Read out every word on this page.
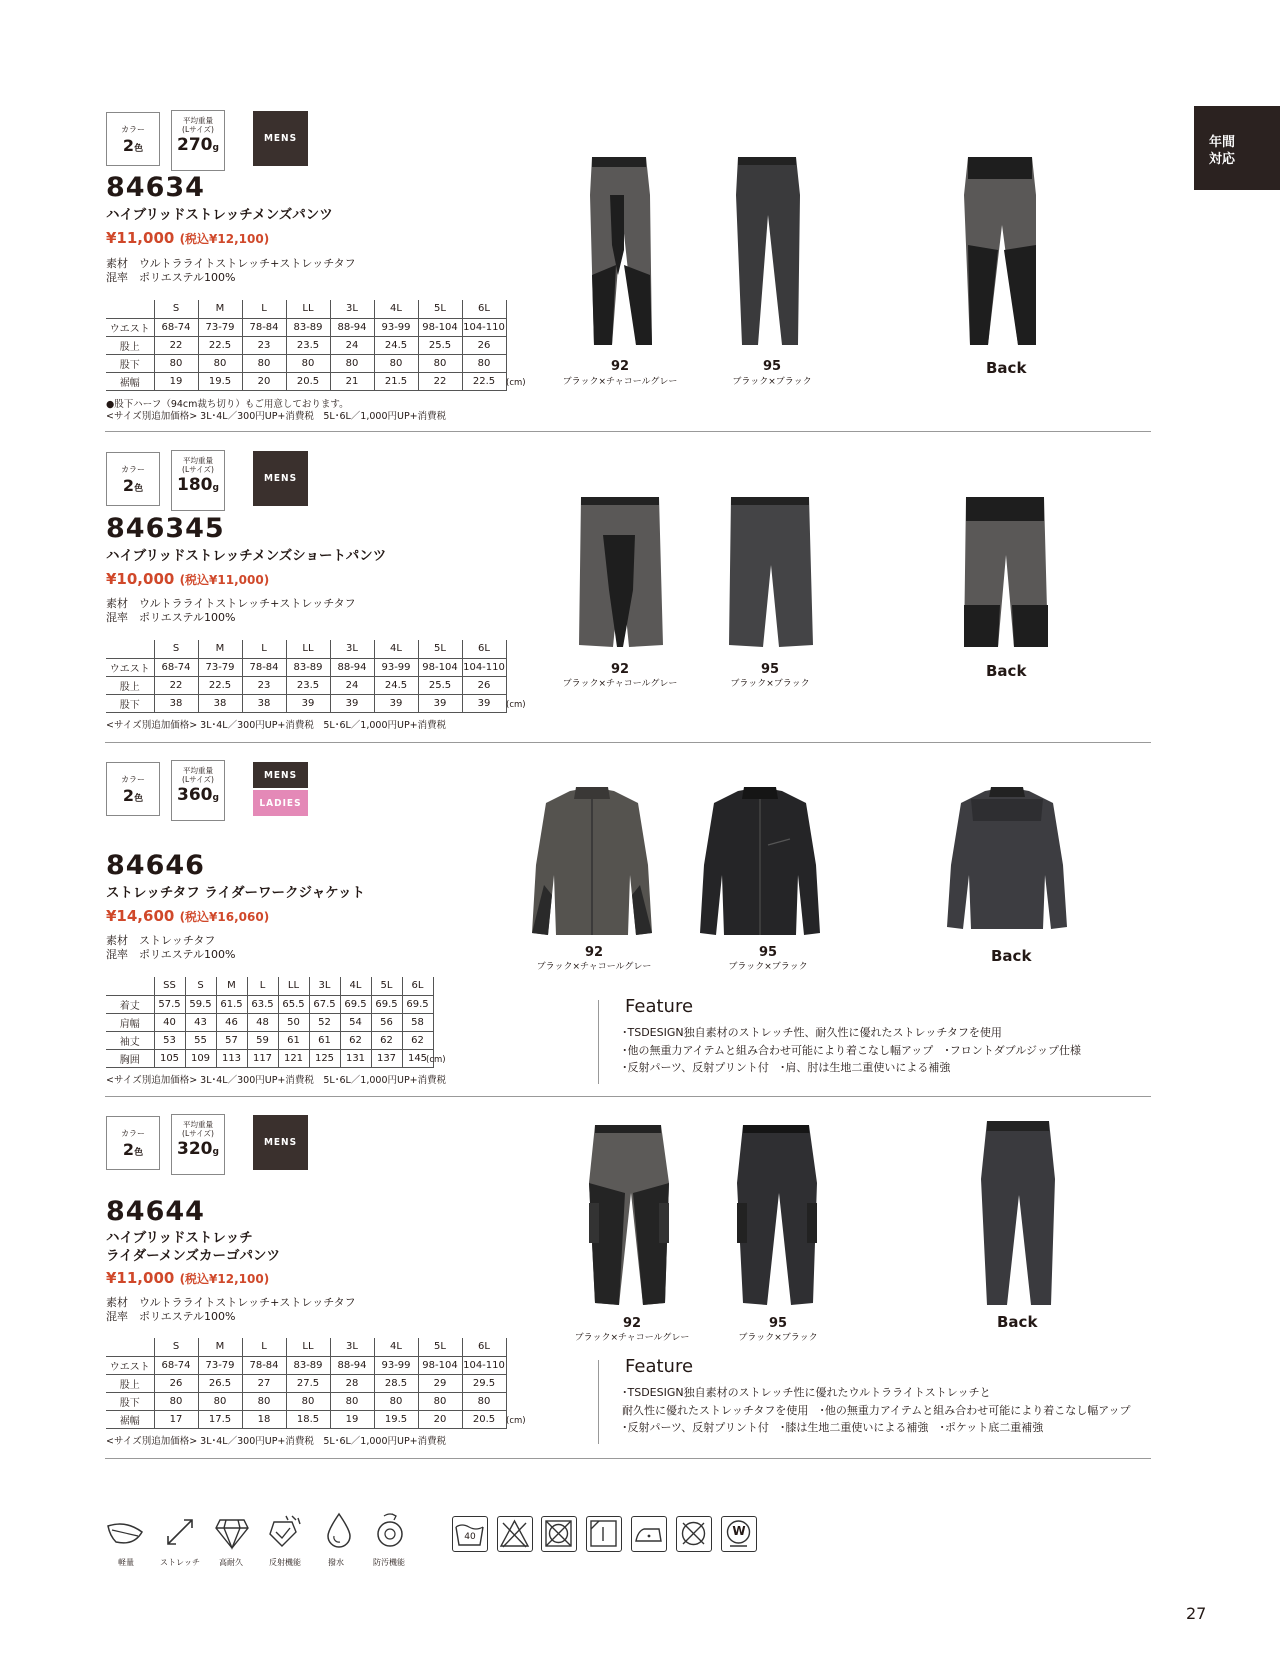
年間
対応
カラー
2色
平均重量
(Lサイズ)
270g
MENS
84634
ハイブリッドストレッチメンズパンツ
¥11,000 (税込¥12,100)
素材　ウルトラライトストレッチ+ストレッチタフ
混率　ポリエステル100%
	S	M	L	LL	3L	4L	5L	6L
ウエスト	68-74	73-79	78-84	83-89	88-94	93-99	98-104	104-110
股上	22	22.5	23	23.5	24	24.5	25.5	26
股下	80	80	80	80	80	80	80	80
裾幅	19	19.5	20	20.5	21	21.5	22	22.5 (cm)
●股下ハーフ（94cm裁ち切り）もご用意しております。
<サイズ別追加価格> 3L･4L／300円UP+消費税　5L･6L／1,000円UP+消費税
92
ブラック×チャコールグレー
95
ブラック×ブラック
Back
カラー
2色
平均重量
(Lサイズ)
180g
MENS
846345
ハイブリッドストレッチメンズショートパンツ
¥10,000 (税込¥11,000)
素材　ウルトラライトストレッチ+ストレッチタフ
混率　ポリエステル100%
	S	M	L	LL	3L	4L	5L	6L
ウエスト	68-74	73-79	78-84	83-89	88-94	93-99	98-104	104-110
股上	22	22.5	23	23.5	24	24.5	25.5	26
股下	38	38	38	39	39	39	39	39 (cm)
<サイズ別追加価格> 3L･4L／300円UP+消費税　5L･6L／1,000円UP+消費税
92
ブラック×チャコールグレー
95
ブラック×ブラック
Back
カラー
2色
平均重量
(Lサイズ)
360g
MENS
LADIES
84646
ストレッチタフ ライダーワークジャケット
¥14,600 (税込¥16,060)
素材　ストレッチタフ
混率　ポリエステル100%
	SS	S	M	L	LL	3L	4L	5L	6L
着丈	57.5	59.5	61.5	63.5	65.5	67.5	69.5	69.5	69.5
肩幅	40	43	46	48	50	52	54	56	58
袖丈	53	55	57	59	61	61	62	62	62
胸囲	105	109	113	117	121	125	131	137	145
(cm)
<サイズ別追加価格> 3L･4L／300円UP+消費税　5L･6L／1,000円UP+消費税
92
ブラック×チャコールグレー
95
ブラック×ブラック
Back
Feature
･TSDESIGN独自素材のストレッチ性、耐久性に優れたストレッチタフを使用
･他の無重力アイテムと組み合わせ可能により着こなし幅アップ　･フロントダブルジップ仕様
･反射パーツ、反射プリント付　･肩、肘は生地二重使いによる補強
カラー
2色
平均重量
(Lサイズ)
320g
MENS
84644
ハイブリッドストレッチ
ライダーメンズカーゴパンツ
¥11,000 (税込¥12,100)
素材　ウルトラライトストレッチ+ストレッチタフ
混率　ポリエステル100%
	S	M	L	LL	3L	4L	5L	6L
ウエスト	68-74	73-79	78-84	83-89	88-94	93-99	98-104	104-110
股上	26	26.5	27	27.5	28	28.5	29	29.5
股下	80	80	80	80	80	80	80	80
裾幅	17	17.5	18	18.5	19	19.5	20	20.5 (cm)
<サイズ別追加価格> 3L･4L／300円UP+消費税　5L･6L／1,000円UP+消費税
92
ブラック×チャコールグレー
95
ブラック×ブラック
Back
Feature
･TSDESIGN独自素材のストレッチ性に優れたウルトラライトストレッチと
耐久性に優れたストレッチタフを使用　･他の無重力アイテムと組み合わせ可能により着こなし幅アップ
･反射パーツ、反射プリント付　･膝は生地二重使いによる補強　･ポケット底二重補強
軽量	ストレッチ	高耐久	反射機能	撥水	防汚機能
40	W
27
